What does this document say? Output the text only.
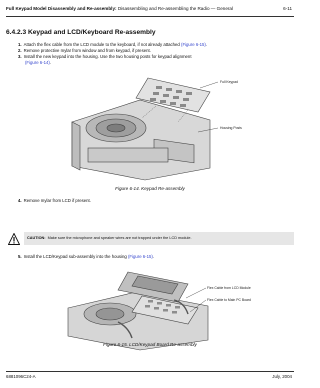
Full Keypad Model Disassembly and Re-assembly: Disassembling and Re-assembling the Radio — General	6-11
6.4.2.3 Keypad and LCD/Keyboard Re-assembly
1. Attach the flex cable from the LCD module to the keyboard, if not already attached (Figure 6-15).
2. Remove protective mylar from window and from keypad, if present.
3. Install the new keypad into the housing. Use the two housing posts for keypad alignment
(Figure 6-14).
Full Keypad
Housing Posts
Figure 6-14. Keypad Re-assembly
4. Remove mylar from LCD if present.
CAUTION: Make sure the microphone and speaker wires are not trapped under the LCD module.
5. Install the LCD/Keypad sub-assembly into the housing (Figure 6-15).
Flex Cable from LCD Module
Flex Cable to Main PC Board
Figure 6-15. LCD/Keypad Board Re-assembly
6881096C24-A	July, 2004
